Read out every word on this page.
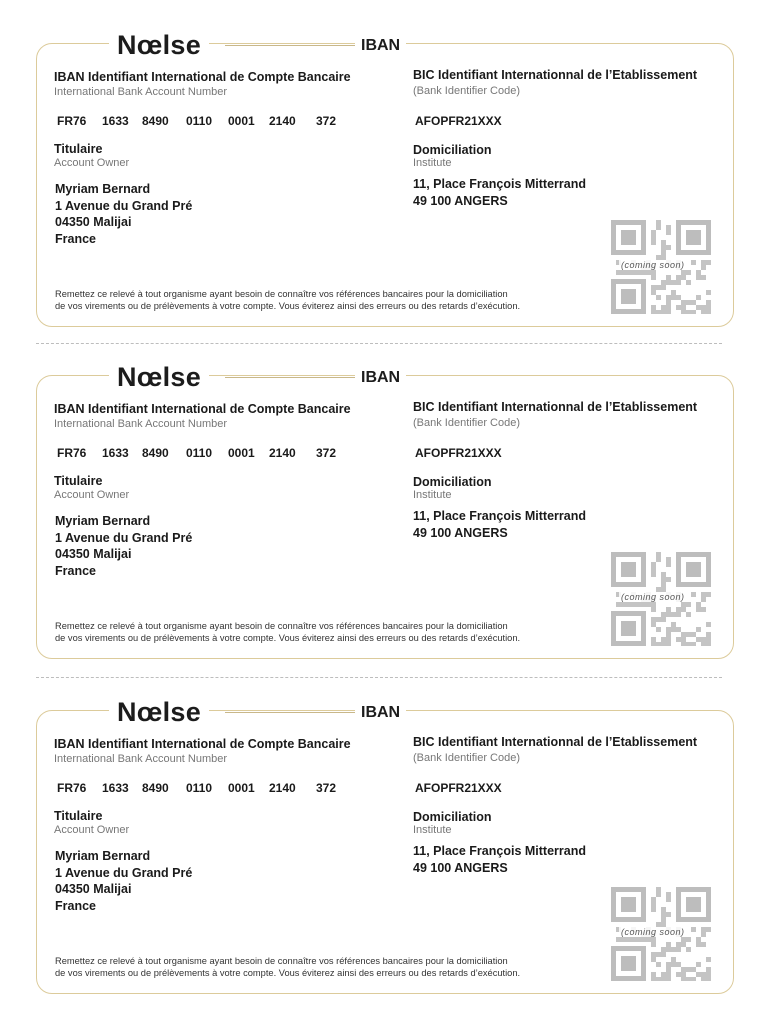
Nœlse	IBAN
IBAN Identifiant International de Compte Bancaire
International Bank Account Number
FR76	1633	8490	0110	0001	2140	372
Titulaire
Account Owner
Myriam Bernard
1 Avenue du Grand Pré
04350 Malijai
France
BIC Identifiant Internationnal de l’Etablissement
(Bank Identifier Code)
AFOPFR21XXX
Domiciliation
Institute
11, Place François Mitterrand
49 100 ANGERS
(coming soon)
Remettez ce relevé à tout organisme ayant besoin de connaître vos références bancaires pour la domiciliation
de vos virements ou de prélèvements à votre compte. Vous éviterez ainsi des erreurs ou des retards d’exécution.
Nœlse	IBAN
IBAN Identifiant International de Compte Bancaire
International Bank Account Number
FR76	1633	8490	0110	0001	2140	372
Titulaire
Account Owner
Myriam Bernard
1 Avenue du Grand Pré
04350 Malijai
France
BIC Identifiant Internationnal de l’Etablissement
(Bank Identifier Code)
AFOPFR21XXX
Domiciliation
Institute
11, Place François Mitterrand
49 100 ANGERS
(coming soon)
Remettez ce relevé à tout organisme ayant besoin de connaître vos références bancaires pour la domiciliation
de vos virements ou de prélèvements à votre compte. Vous éviterez ainsi des erreurs ou des retards d’exécution.
Nœlse	IBAN
IBAN Identifiant International de Compte Bancaire
International Bank Account Number
FR76	1633	8490	0110	0001	2140	372
Titulaire
Account Owner
Myriam Bernard
1 Avenue du Grand Pré
04350 Malijai
France
BIC Identifiant Internationnal de l’Etablissement
(Bank Identifier Code)
AFOPFR21XXX
Domiciliation
Institute
11, Place François Mitterrand
49 100 ANGERS
(coming soon)
Remettez ce relevé à tout organisme ayant besoin de connaître vos références bancaires pour la domiciliation
de vos virements ou de prélèvements à votre compte. Vous éviterez ainsi des erreurs ou des retards d’exécution.
